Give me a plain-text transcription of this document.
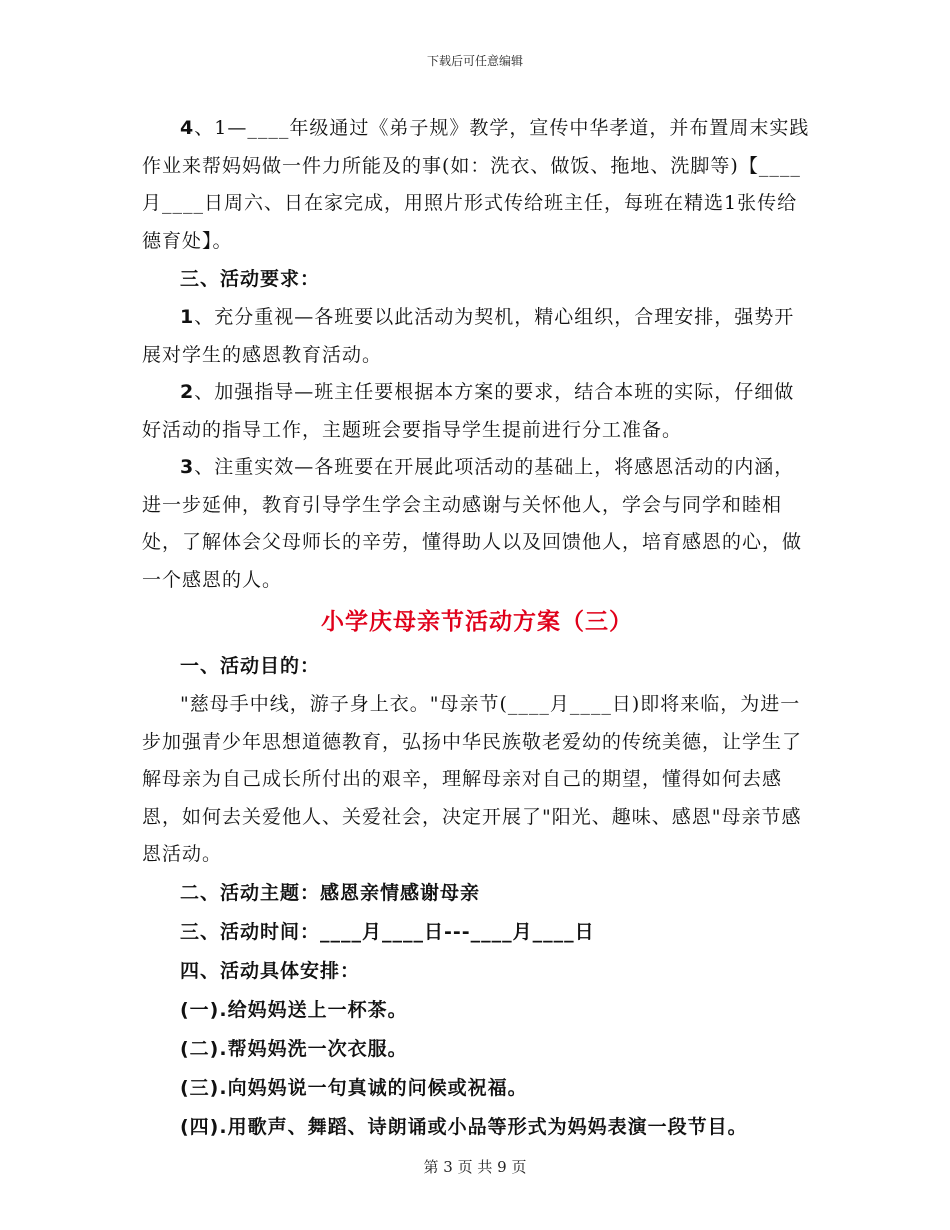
下载后可任意编辑

4、1—____年级通过《弟子规》教学，宣传中华孝道，并布置周末实践作业来帮妈妈做一件力所能及的事(如：洗衣、做饭、拖地、洗脚等)【____月____日周六、日在家完成，用照片形式传给班主任，每班在精选1张传给德育处】。

三、活动要求：

1、充分重视—各班要以此活动为契机，精心组织，合理安排，强势开展对学生的感恩教育活动。

2、加强指导—班主任要根据本方案的要求，结合本班的实际，仔细做好活动的指导工作，主题班会要指导学生提前进行分工准备。

3、注重实效—各班要在开展此项活动的基础上，将感恩活动的内涵，进一步延伸，教育引导学生学会主动感谢与关怀他人，学会与同学和睦相处，了解体会父母师长的辛劳，懂得助人以及回馈他人，培育感恩的心，做一个感恩的人。

小学庆母亲节活动方案（三）

一、活动目的：

"慈母手中线，游子身上衣。"母亲节(____月____日)即将来临，为进一步加强青少年思想道德教育，弘扬中华民族敬老爱幼的传统美德，让学生了解母亲为自己成长所付出的艰辛，理解母亲对自己的期望，懂得如何去感恩，如何去关爱他人、关爱社会，决定开展了"阳光、趣味、感恩"母亲节感恩活动。

二、活动主题：感恩亲情感谢母亲

三、活动时间：____月____日---____月____日

四、活动具体安排：

(一).给妈妈送上一杯茶。

(二).帮妈妈洗一次衣服。

(三).向妈妈说一句真诚的问候或祝福。

(四).用歌声、舞蹈、诗朗诵或小品等形式为妈妈表演一段节目。

第 3 页 共 9 页
